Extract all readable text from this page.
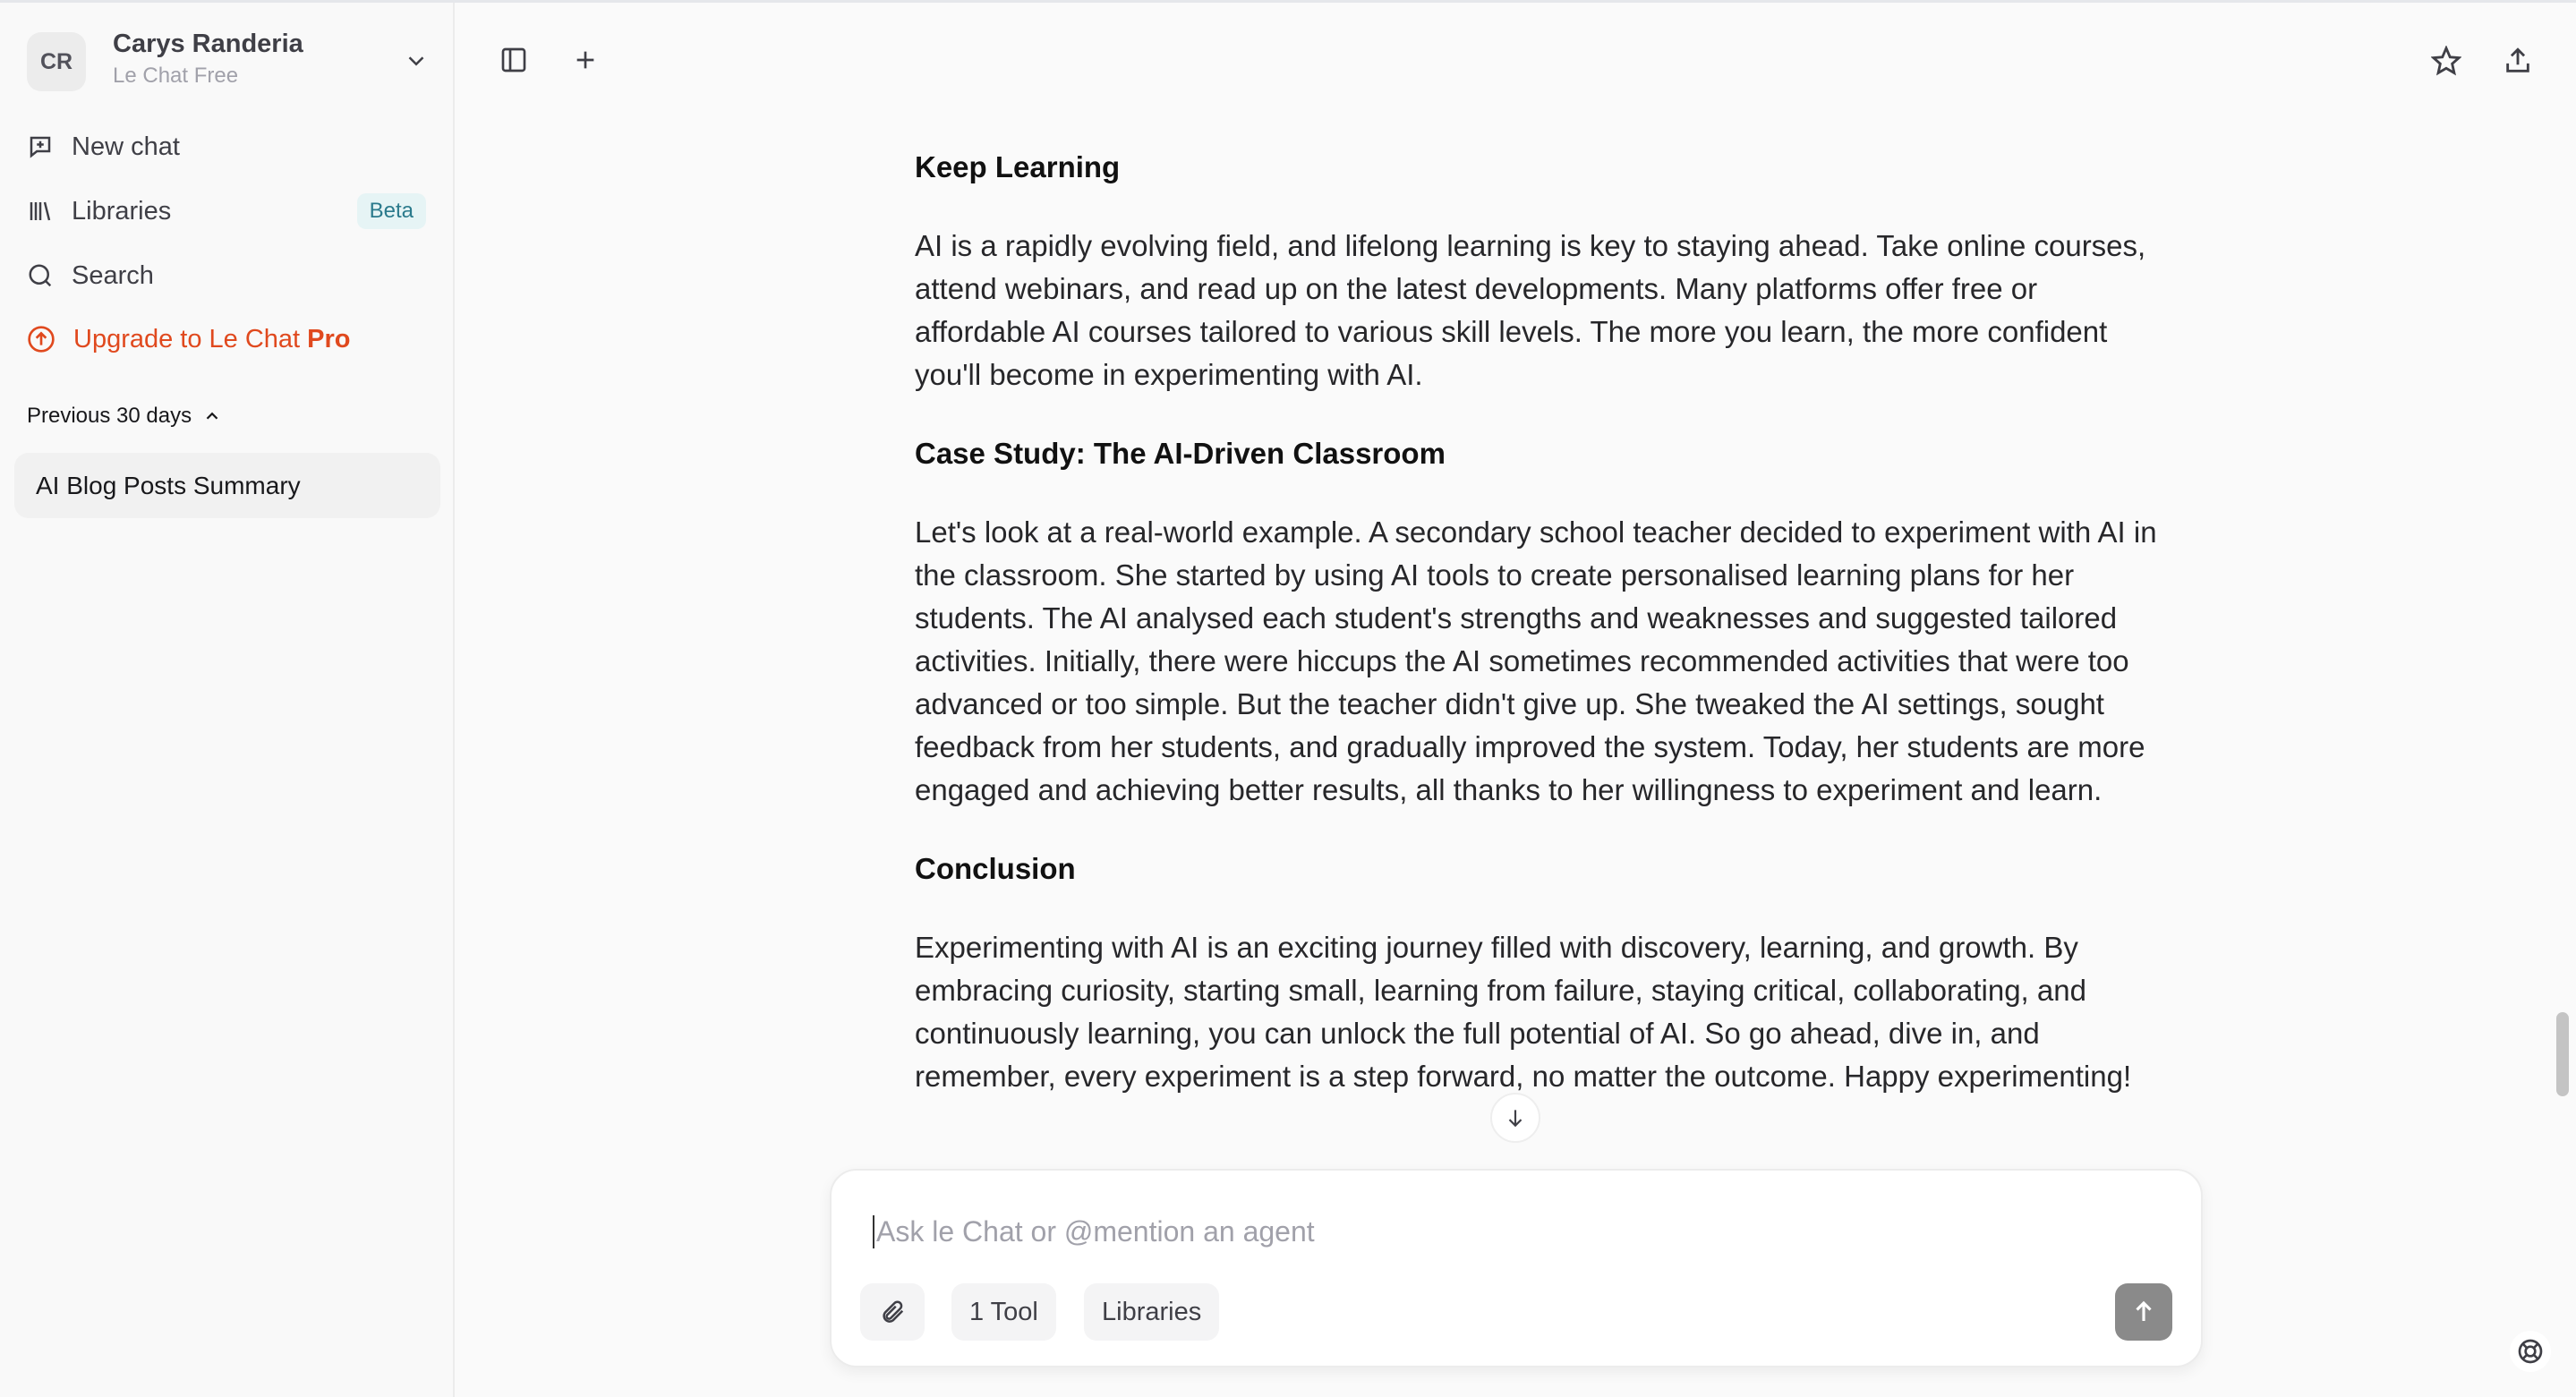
CR
Carys Randeria
Le Chat Free
New chat
Libraries	Beta
Search
Upgrade to Le Chat Pro
Previous 30 days
AI Blog Posts Summary
Keep Learning

AI is a rapidly evolving field, and lifelong learning is key to staying ahead. Take online courses, attend webinars, and read up on the latest developments. Many platforms offer free or affordable AI courses tailored to various skill levels. The more you learn, the more confident you'll become in experimenting with AI.

Case Study: The AI-Driven Classroom

Let's look at a real-world example. A secondary school teacher decided to experiment with AI in the classroom. She started by using AI tools to create personalised learning plans for her students. The AI analysed each student's strengths and weaknesses and suggested tailored activities. Initially, there were hiccups the AI sometimes recommended activities that were too advanced or too simple. But the teacher didn't give up. She tweaked the AI settings, sought feedback from her students, and gradually improved the system. Today, her students are more engaged and achieving better results, all thanks to her willingness to experiment and learn.

Conclusion

Experimenting with AI is an exciting journey filled with discovery, learning, and growth. By embracing curiosity, starting small, learning from failure, staying critical, collaborating, and continuously learning, you can unlock the full potential of AI. So go ahead, dive in, and remember, every experiment is a step forward, no matter the outcome. Happy experimenting!

Ask le Chat or @mention an agent
1 Tool	Libraries
